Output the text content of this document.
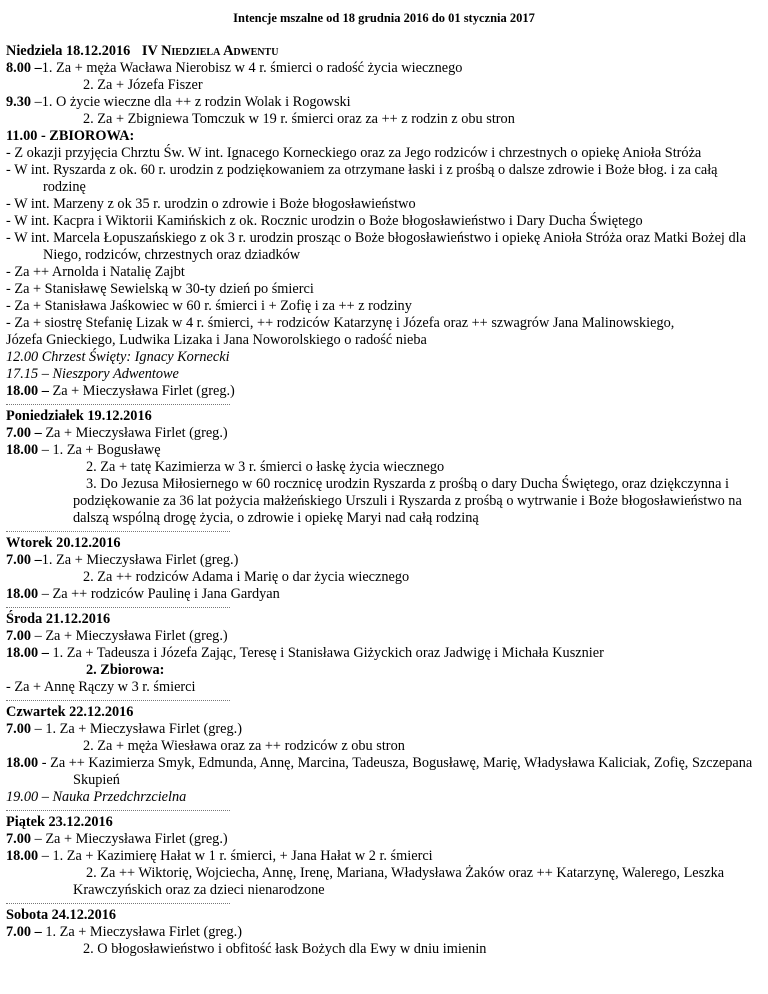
Intencje mszalne od 18 grudnia 2016 do 01 stycznia 2017
Niedziela 18.12.2016 IV Niedziela Adwentu
8.00 –1. Za + męża Wacława Nierobisz w 4 r. śmierci o radość życia wiecznego
2. Za + Józefa Fiszer
9.30 –1. O życie wieczne dla ++ z rodzin Wolak i Rogowski
2. Za + Zbigniewa Tomczuk w 19 r. śmierci oraz za ++ z rodzin z obu stron
11.00 - ZBIOROWA:
- Z okazji przyjęcia Chrztu Św. W int. Ignacego Korneckiego oraz za Jego rodziców i chrzestnych o opiekę Anioła Stróża
- W int. Ryszarda z ok. 60 r. urodzin z podziękowaniem za otrzymane łaski i z prośbą o dalsze zdrowie i Boże błog. i za całą rodzinę
- W int. Marzeny z ok 35 r. urodzin o zdrowie i Boże błogosławieństwo
- W int. Kacpra i Wiktorii Kamińskich z ok. Rocznic urodzin o Boże błogosławieństwo i Dary Ducha Świętego
- W int. Marcela Łopuszańskiego z ok 3 r. urodzin prosząc o Boże błogosławieństwo i opiekę Anioła Stróża oraz Matki Bożej dla Niego, rodziców, chrzestnych oraz dziadków
- Za ++ Arnolda i Natalię Zajbt
- Za + Stanisławę Sewielską w 30-ty dzień po śmierci
- Za + Stanisława Jaśkowiec w 60 r. śmierci i + Zofię i za ++ z rodziny
- Za + siostrę Stefanię Lizak w 4 r. śmierci, ++ rodziców Katarzynę i Józefa oraz ++ szwagrów Jana Malinowskiego,
Józefa Gnieckiego, Ludwika Lizaka i Jana Noworolskiego o radość nieba
12.00 Chrzest Święty: Ignacy Kornecki
17.15 – Nieszpory Adwentowe
18.00 – Za + Mieczysława Firlet (greg.)
Poniedziałek 19.12.2016
7.00 – Za + Mieczysława Firlet (greg.)
18.00 – 1. Za + Bogusławę
2. Za + tatę Kazimierza w 3 r. śmierci o łaskę życia wiecznego
3. Do Jezusa Miłosiernego w 60 rocznicę urodzin Ryszarda z prośbą o dary Ducha Świętego, oraz dziękczynna i podziękowanie za 36 lat pożycia małżeńskiego Urszuli i Ryszarda z prośbą o wytrwanie i Boże błogosławieństwo na dalszą wspólną drogę życia, o zdrowie i opiekę Maryi nad całą rodziną
Wtorek 20.12.2016
7.00 –1. Za + Mieczysława Firlet (greg.)
2. Za ++ rodziców Adama i Marię o dar życia wiecznego
18.00 – Za ++ rodziców Paulinę i Jana Gardyan
Środa 21.12.2016
7.00 – Za + Mieczysława Firlet (greg.)
18.00 – 1. Za + Tadeusza i Józefa Zając, Teresę i Stanisława Giżyckich oraz Jadwigę i Michała Kusznier
2. Zbiorowa:
- Za + Annę Rączy w 3 r. śmierci
Czwartek 22.12.2016
7.00 – 1. Za + Mieczysława Firlet (greg.)
2. Za + męża Wiesława oraz za ++ rodziców z obu stron
18.00 - Za ++ Kazimierza Smyk, Edmunda, Annę, Marcina, Tadeusza, Bogusławę, Marię, Władysława Kaliciak, Zofię, Szczepana Skupień
19.00 – Nauka Przedchrzcielna
Piątek 23.12.2016
7.00 – Za + Mieczysława Firlet (greg.)
18.00 – 1. Za + Kazimierę Hałat w 1 r. śmierci, + Jana Hałat w 2 r. śmierci
2. Za ++ Wiktorię, Wojciecha, Annę, Irenę, Mariana, Władysława Żaków oraz ++ Katarzynę, Walerego, Leszka Krawczyńskich oraz za dzieci nienarodzone
Sobota 24.12.2016
7.00 – 1. Za + Mieczysława Firlet (greg.)
2. O błogosławieństwo i obfitość łask Bożych dla Ewy w dniu imienin
